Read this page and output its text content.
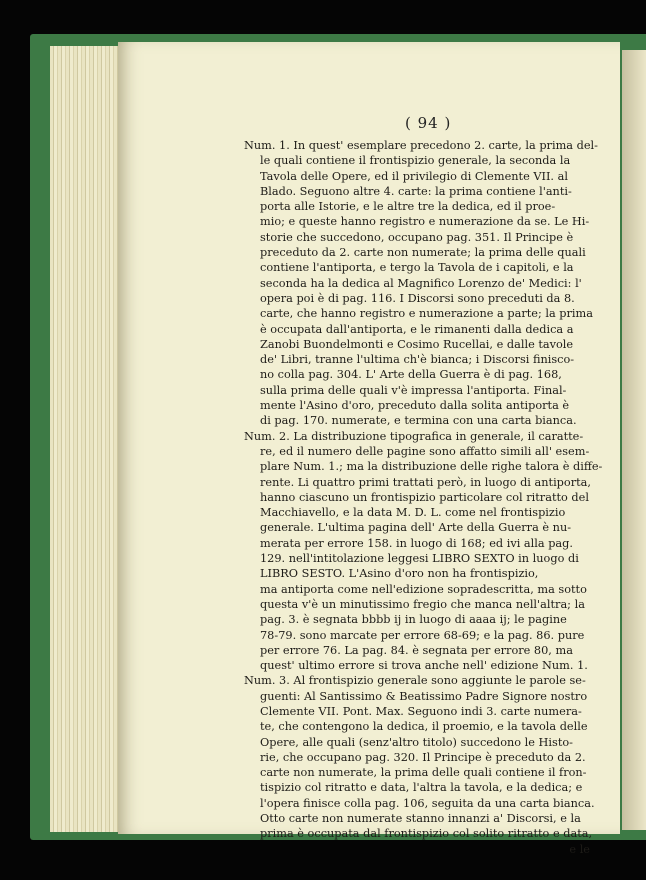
( 94 )
Num. 1. In quest' esemplare precedono 2. carte, la prima del-
le quali contiene il frontispizio generale, la seconda la
Tavola delle Opere, ed il privilegio di Clemente VII. al
Blado. Seguono altre 4. carte: la prima contiene l'anti-
porta alle Istorie, e le altre tre la dedica, ed il proe-
mio; e queste hanno registro e numerazione da se. Le Hi-
storie che succedono, occupano pag. 351. Il Principe è
preceduto da 2. carte non numerate; la prima delle quali
contiene l'antiporta, e tergo la Tavola de i capitoli, e la
seconda ha la dedica al Magnifico Lorenzo de' Medici: l'
opera poi è di pag. 116. I Discorsi sono preceduti da 8.
carte, che hanno registro e numerazione a parte; la prima
è occupata dall'antiporta, e le rimanenti dalla dedica a
Zanobi Buondelmonti e Cosimo Rucellai, e dalle tavole
de' Libri, tranne l'ultima ch'è bianca; i Discorsi finisco-
no colla pag. 304. L' Arte della Guerra è di pag. 168,
sulla prima delle quali v'è impressa l'antiporta. Final-
mente l'Asino d'oro, preceduto dalla solita antiporta è
di pag. 170. numerate, e termina con una carta bianca.
Num. 2. La distribuzione tipografica in generale, il caratte-
re, ed il numero delle pagine sono affatto simili all' esem-
plare Num. 1.; ma la distribuzione delle righe talora è diffe-
rente. Li quattro primi trattati però, in luogo di antiporta,
hanno ciascuno un frontispizio particolare col ritratto del
Macchiavello, e la data M. D. L. come nel frontispizio
generale. L'ultima pagina dell' Arte della Guerra è nu-
merata per errore 158. in luogo di 168; ed ivi alla pag.
129. nell'intitolazione leggesi LIBRO SEXTO in luogo di
LIBRO SESTO. L'Asino d'oro non ha frontispizio,
ma antiporta come nell'edizione sopradescritta, ma sotto
questa v'è un minutissimo fregio che manca nell'altra; la
pag. 3. è segnata bbbb ij in luogo di aaaa ij; le pagine
78-79. sono marcate per errore 68-69; e la pag. 86. pure
per errore 76. La pag. 84. è segnata per errore 80, ma
quest' ultimo errore si trova anche nell' edizione Num. 1.
Num. 3. Al frontispizio generale sono aggiunte le parole se-
guenti: Al Santissimo & Beatissimo Padre Signore nostro
Clemente VII. Pont. Max. Seguono indi 3. carte numera-
te, che contengono la dedica, il proemio, e la tavola delle
Opere, alle quali (senz'altro titolo) succedono le Histo-
rie, che occupano pag. 320. Il Principe è preceduto da 2.
carte non numerate, la prima delle quali contiene il fron-
tispizio col ritratto e data, l'altra la tavola, e la dedica; e
l'opera finisce colla pag. 106, seguita da una carta bianca.
Otto carte non numerate stanno innanzi a' Discorsi, e la
prima è occupata dal frontispizio col solito ritratto e data,
e le
